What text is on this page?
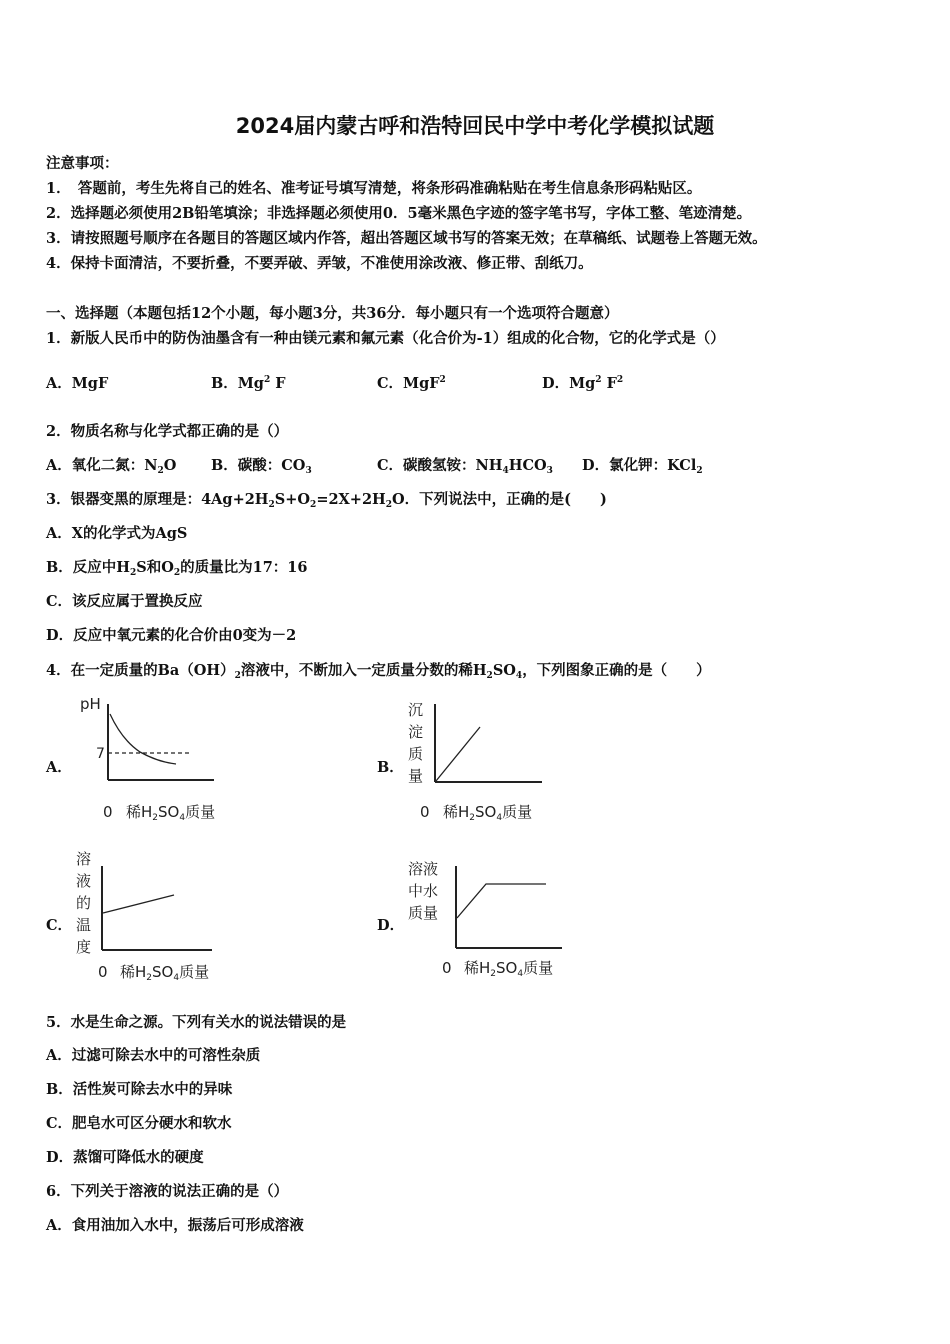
2024届内蒙古呼和浩特回民中学中考化学模拟试题
注意事项：
1．　答题前，考生先将自己的姓名、准考证号填写清楚，将条形码准确粘贴在考生信息条形码粘贴区。
2．选择题必须使用2B铅笔填涂；非选择题必须使用0．5毫米黑色字迹的签字笔书写，字体工整、笔迹清楚。
3．请按照题号顺序在各题目的答题区域内作答，超出答题区域书写的答案无效；在草稿纸、试题卷上答题无效。
4．保持卡面清洁，不要折叠，不要弄破、弄皱，不准使用涂改液、修正带、刮纸刀。
一、选择题（本题包括12个小题，每小题3分，共36分．每小题只有一个选项符合题意）
1．新版人民币中的防伪油墨含有一种由镁元素和氟元素（化合价为-1）组成的化合物，它的化学式是（）
A．MgF	B．Mg$^2$ F	C．MgF$^2$	D．Mg$^2$ $F^2$
2．物质名称与化学式都正确的是（）
A．氧化二氮：$N_2O$ B．碳酸：$CO_3$	C．碳酸氢铵：$NH_4HCO_3$ D．氯化钾：KCl$_2$
3．银器变黑的原理是：$4Ag+2H_2S+O_2=2X+2H_2O$．下列说法中，正确的是(　　)
A．X的化学式为AgS
B．反应中$H_2S$和$O_2$的质量比为17：16
C．该反应属于置换反应
D．反应中氧元素的化合价由0变为－2
4．在一定质量的$Ba(OH)_2$溶液中，不断加入一定质量分数的稀$H_2SO_4$，下列图象正确的是（　　）
A．	B．
C．	D．
pH
7
0 稀$H_2SO_4$质量
沉
淀
质
量
0 稀$H_2SO_4$质量
溶
液
的
温
度
0 稀$H_2SO_4$质量
溶液
中水
质量
0 稀$H_2SO_4$质量
5．水是生命之源。下列有关水的说法错误的是
A．过滤可除去水中的可溶性杂质
B．活性炭可除去水中的异味
C．肥皂水可区分硬水和软水
D．蒸馏可降低水的硬度
6．下列关于溶液的说法正确的是（）
A．食用油加入水中，振荡后可形成溶液
